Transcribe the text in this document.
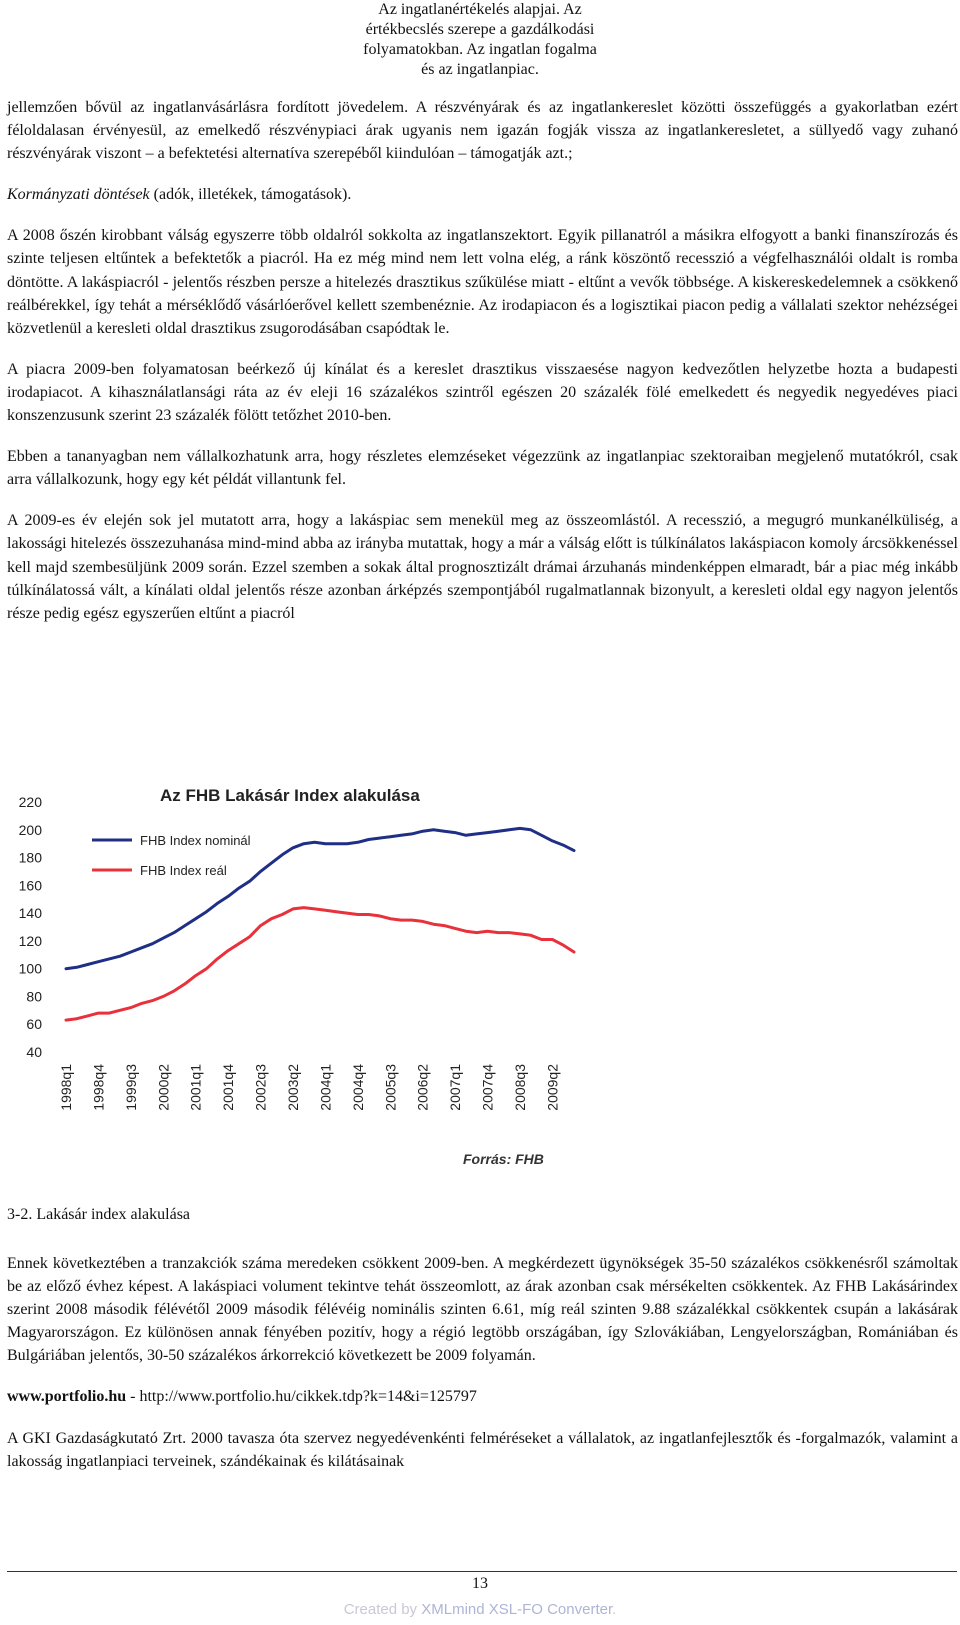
Az ingatlanértékelés alapjai. Az
értékbecslés szerepe a gazdálkodási
folyamatokban. Az ingatlan fogalma
és az ingatlanpiac.

jellemzően bővül az ingatlanvásárlásra fordított jövedelem. A részvényárak és az ingatlankereslet közötti összefüggés a gyakorlatban ezért féloldalasan érvényesül, az emelkedő részvénypiaci árak ugyanis nem igazán fogják vissza az ingatlankeresletet, a süllyedő vagy zuhanó részvényárak viszont – a befektetési alternatíva szerepéből kiindulóan – támogatják azt.;

Kormányzati döntések (adók, illetékek, támogatások).

A 2008 őszén kirobbant válság egyszerre több oldalról sokkolta az ingatlanszektort. Egyik pillanatról a másikra elfogyott a banki finanszírozás és szinte teljesen eltűntek a befektetők a piacról. Ha ez még mind nem lett volna elég, a ránk köszöntő recesszió a végfelhasználói oldalt is romba döntötte. A lakáspiacról - jelentős részben persze a hitelezés drasztikus szűkülése miatt - eltűnt a vevők többsége. A kiskereskedelemnek a csökkenő reálbérekkel, így tehát a mérséklődő vásárlóerővel kellett szembenéznie. Az irodapiacon és a logisztikai piacon pedig a vállalati szektor nehézségei közvetlenül a keresleti oldal drasztikus zsugorodásában csapódtak le.

A piacra 2009-ben folyamatosan beérkező új kínálat és a kereslet drasztikus visszaesése nagyon kedvezőtlen helyzetbe hozta a budapesti irodapiacot. A kihasználatlansági ráta az év eleji 16 százalékos szintről egészen 20 százalék fölé emelkedett és negyedik negyedéves piaci konszenzusunk szerint 23 százalék fölött tetőzhet 2010-ben.

Ebben a tananyagban nem vállalkozhatunk arra, hogy részletes elemzéseket végezzünk az ingatlanpiac szektoraiban megjelenő mutatókról, csak arra vállalkozunk, hogy egy két példát villantunk fel.

A 2009-es év elején sok jel mutatott arra, hogy a lakáspiac sem menekül meg az összeomlástól. A recesszió, a megugró munkanélküliség, a lakossági hitelezés összezuhanása mind-mind abba az irányba mutattak, hogy a már a válság előtt is túlkínálatos lakáspiacon komoly árcsökkenéssel kell majd szembesüljünk 2009 során. Ezzel szemben a sokak által prognosztizált drámai árzuhanás mindenképpen elmaradt, bár a piac még inkább túlkínálatossá vált, a kínálati oldal jelentős része azonban árképzés szempontjából rugalmatlannak bizonyult, a keresleti oldal egy nagyon jelentős része pedig egész egyszerűen eltűnt a piacról

Az FHB Lakásár Index alakulása
40
60
80
100
120
140
160
180
200
220
1998q1 1998q4 1999q3 2000q2 2001q1 2001q4 2002q3 2003q2 2004q1 2004q4 2005q3 2006q2 2007q1 2007q4 2008q3 2009q2
FHB Index nominál
FHB Index reál
Forrás: FHB
3-2. Lakásár index alakulása

Ennek következtében a tranzakciók száma meredeken csökkent 2009-ben. A megkérdezett ügynökségek 35-50 százalékos csökkenésről számoltak be az előző évhez képest. A lakáspiaci volument tekintve tehát összeomlott, az árak azonban csak mérsékelten csökkentek. Az FHB Lakásárindex szerint 2008 második félévétől 2009 második félévéig nominális szinten 6.61, míg reál szinten 9.88 százalékkal csökkentek csupán a lakásárak Magyarországon. Ez különösen annak fényében pozitív, hogy a régió legtöbb országában, így Szlovákiában, Lengyelországban, Romániában és Bulgáriában jelentős, 30-50 százalékos árkorrekció következett be 2009 folyamán.

www.portfolio.hu - http://www.portfolio.hu/cikkek.tdp?k=14&i=125797

A GKI Gazdaságkutató Zrt. 2000 tavasza óta szervez negyedévenkénti felméréseket a vállalatok, az ingatlanfejlesztők és -forgalmazók, valamint a lakosság ingatlanpiaci terveinek, szándékainak és kilátásainak

13
Created by XMLmind XSL-FO Converter.
